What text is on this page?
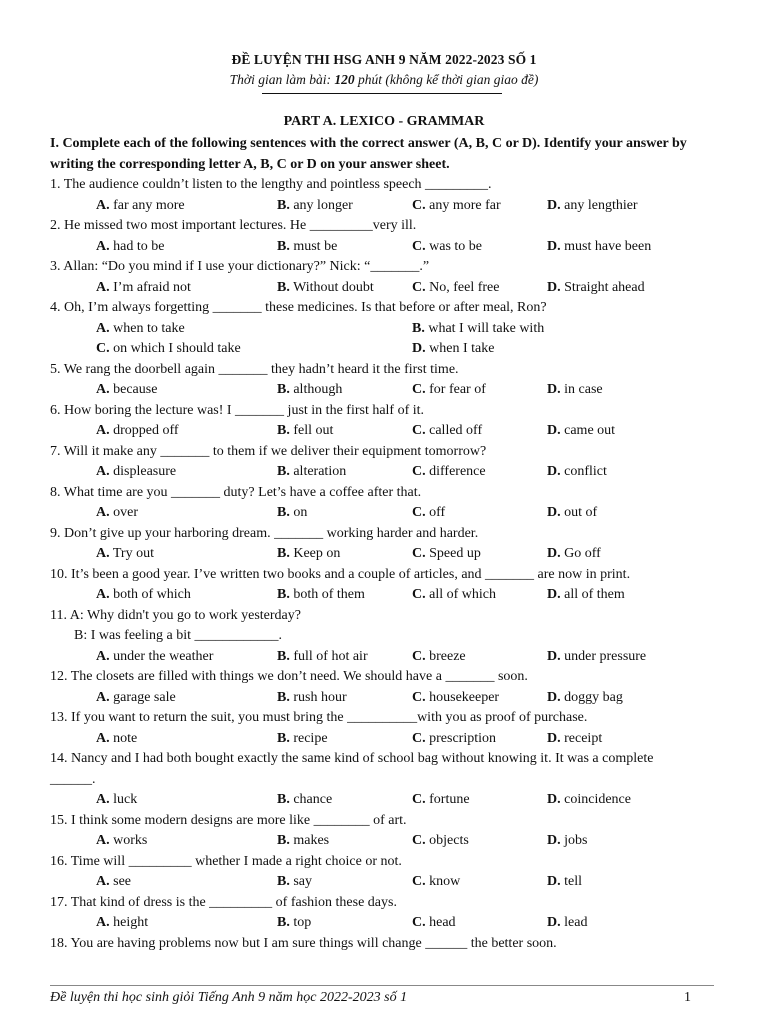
ĐỀ LUYỆN THI HSG ANH 9 NĂM 2022-2023 SỐ 1
Thời gian làm bài: 120 phút (không kể thời gian giao đề)
PART A. LEXICO - GRAMMAR
I. Complete each of the following sentences with the correct answer (A, B, C or D). Identify your answer by writing the corresponding letter A, B, C or D on your answer sheet.
1. The audience couldn’t listen to the lengthy and pointless speech _________.
A. far any more	B. any longer	C. any more far	D. any lengthier
2. He missed two most important lectures. He _________very ill.
A. had to be	B. must be	C. was to be	D. must have been
3. Allan: “Do you mind if I use your dictionary?” Nick: “_______.”
A. I’m afraid not	B. Without doubt	C. No, feel free	D. Straight ahead
4. Oh, I’m always forgetting _______ these medicines. Is that before or after meal, Ron?
A. when to take	B. what I will take with
C. on which I should take	D. when I take
5. We rang the doorbell again _______ they hadn’t heard it the first time.
A. because	B. although	C. for fear of	D. in case
6. How boring the lecture was! I _______ just in the first half of it.
A. dropped off	B. fell out	C. called off	D. came out
7. Will it make any _______ to them if we deliver their equipment tomorrow?
A. displeasure	B. alteration	C. difference	D. conflict
8. What time are you _______ duty? Let’s have a coffee after that.
A. over	B. on	C. off	D. out of
9. Don’t give up your harboring dream. _______ working harder and harder.
A. Try out	B. Keep on	C. Speed up	D. Go off
10. It’s been a good year. I’ve written two books and a couple of articles, and _______ are now in print.
A. both of which	B. both of them	C. all of which	D. all of them
11. A: Why didn't you go to work yesterday?
B: I was feeling a bit ____________.
A. under the weather	B. full of hot air	C. breeze	D. under pressure
12. The closets are filled with things we don’t need. We should have a _______ soon.
A. garage sale	B. rush hour	C. housekeeper	D. doggy bag
13. If you want to return the suit, you must bring the __________with you as proof of purchase.
A. note	B. recipe	C. prescription	D. receipt
14. Nancy and I had both bought exactly the same kind of school bag without knowing it. It was a complete
______.
A. luck	B. chance	C. fortune	D. coincidence
15. I think some modern designs are more like ________ of art.
A. works	B. makes	C. objects	D. jobs
16. Time will _________ whether I made a right choice or not.
A. see	B. say	C. know	D. tell
17. That kind of dress is the _________ of fashion these days.
A. height	B. top	C. head	D. lead
18. You are having problems now but I am sure things will change ______ the better soon.
Đề luyện thi học sinh giỏi Tiếng Anh 9 năm học 2022-2023 số 1	1
